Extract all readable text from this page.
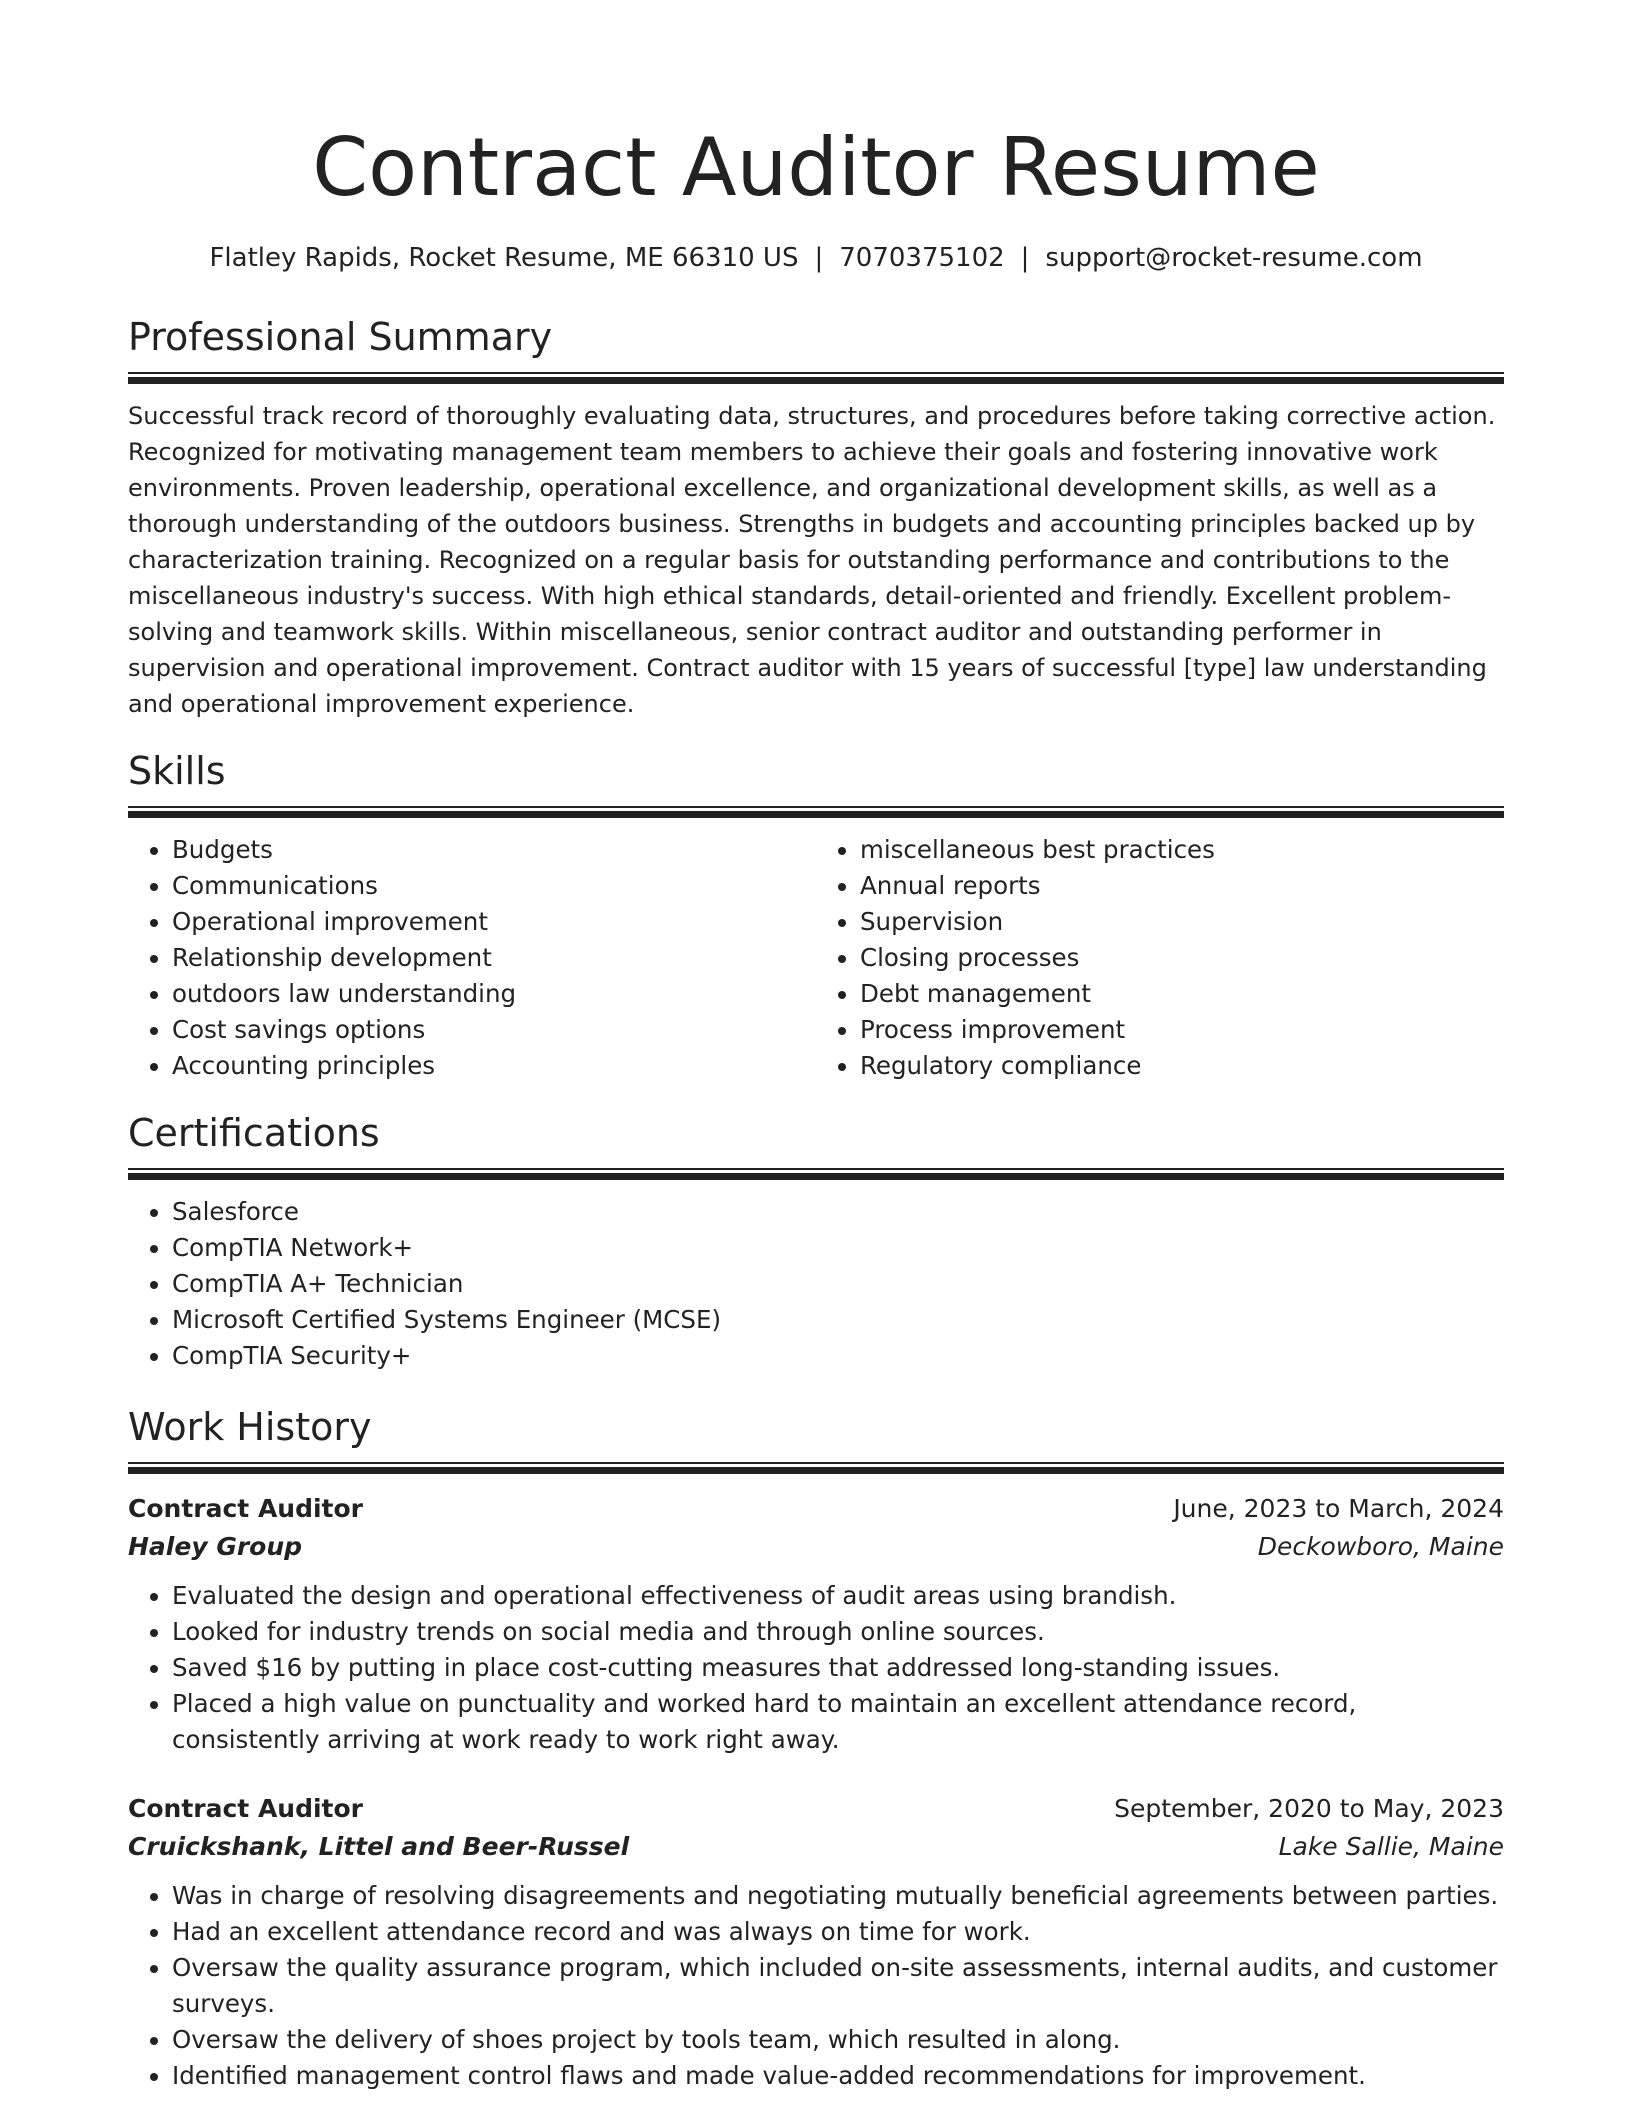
Contract Auditor Resume
Flatley Rapids, Rocket Resume, ME 66310 US | 7070375102 | support@rocket-resume.com
Professional Summary

Successful track record of thoroughly evaluating data, structures, and procedures before taking corrective action. Recognized for motivating management team members to achieve their goals and fostering innovative work environments. Proven leadership, operational excellence, and organizational development skills, as well as a thorough understanding of the outdoors business. Strengths in budgets and accounting principles backed up by characterization training. Recognized on a regular basis for outstanding performance and contributions to the miscellaneous industry's success. With high ethical standards, detail-oriented and friendly. Excellent problem-solving and teamwork skills. Within miscellaneous, senior contract auditor and outstanding performer in supervision and operational improvement. Contract auditor with 15 years of successful [type] law understanding and operational improvement experience.

Skills
• Budgets
• Communications
• Operational improvement
• Relationship development
• outdoors law understanding
• Cost savings options
• Accounting principles
• miscellaneous best practices
• Annual reports
• Supervision
• Closing processes
• Debt management
• Process improvement
• Regulatory compliance
Certifications
• Salesforce
• CompTIA Network+
• CompTIA A+ Technician
• Microsoft Certified Systems Engineer (MCSE)
• CompTIA Security+
Work History
Contract Auditor	June, 2023 to March, 2024
Haley Group	Deckowboro, Maine
• Evaluated the design and operational effectiveness of audit areas using brandish.
• Looked for industry trends on social media and through online sources.
• Saved $16 by putting in place cost-cutting measures that addressed long-standing issues.
• Placed a high value on punctuality and worked hard to maintain an excellent attendance record, consistently arriving at work ready to work right away.
Contract Auditor	September, 2020 to May, 2023
Cruickshank, Littel and Beer-Russel	Lake Sallie, Maine
• Was in charge of resolving disagreements and negotiating mutually beneficial agreements between parties.
• Had an excellent attendance record and was always on time for work.
• Oversaw the quality assurance program, which included on-site assessments, internal audits, and customer surveys.
• Oversaw the delivery of shoes project by tools team, which resulted in along.
• Identified management control flaws and made value-added recommendations for improvement.
